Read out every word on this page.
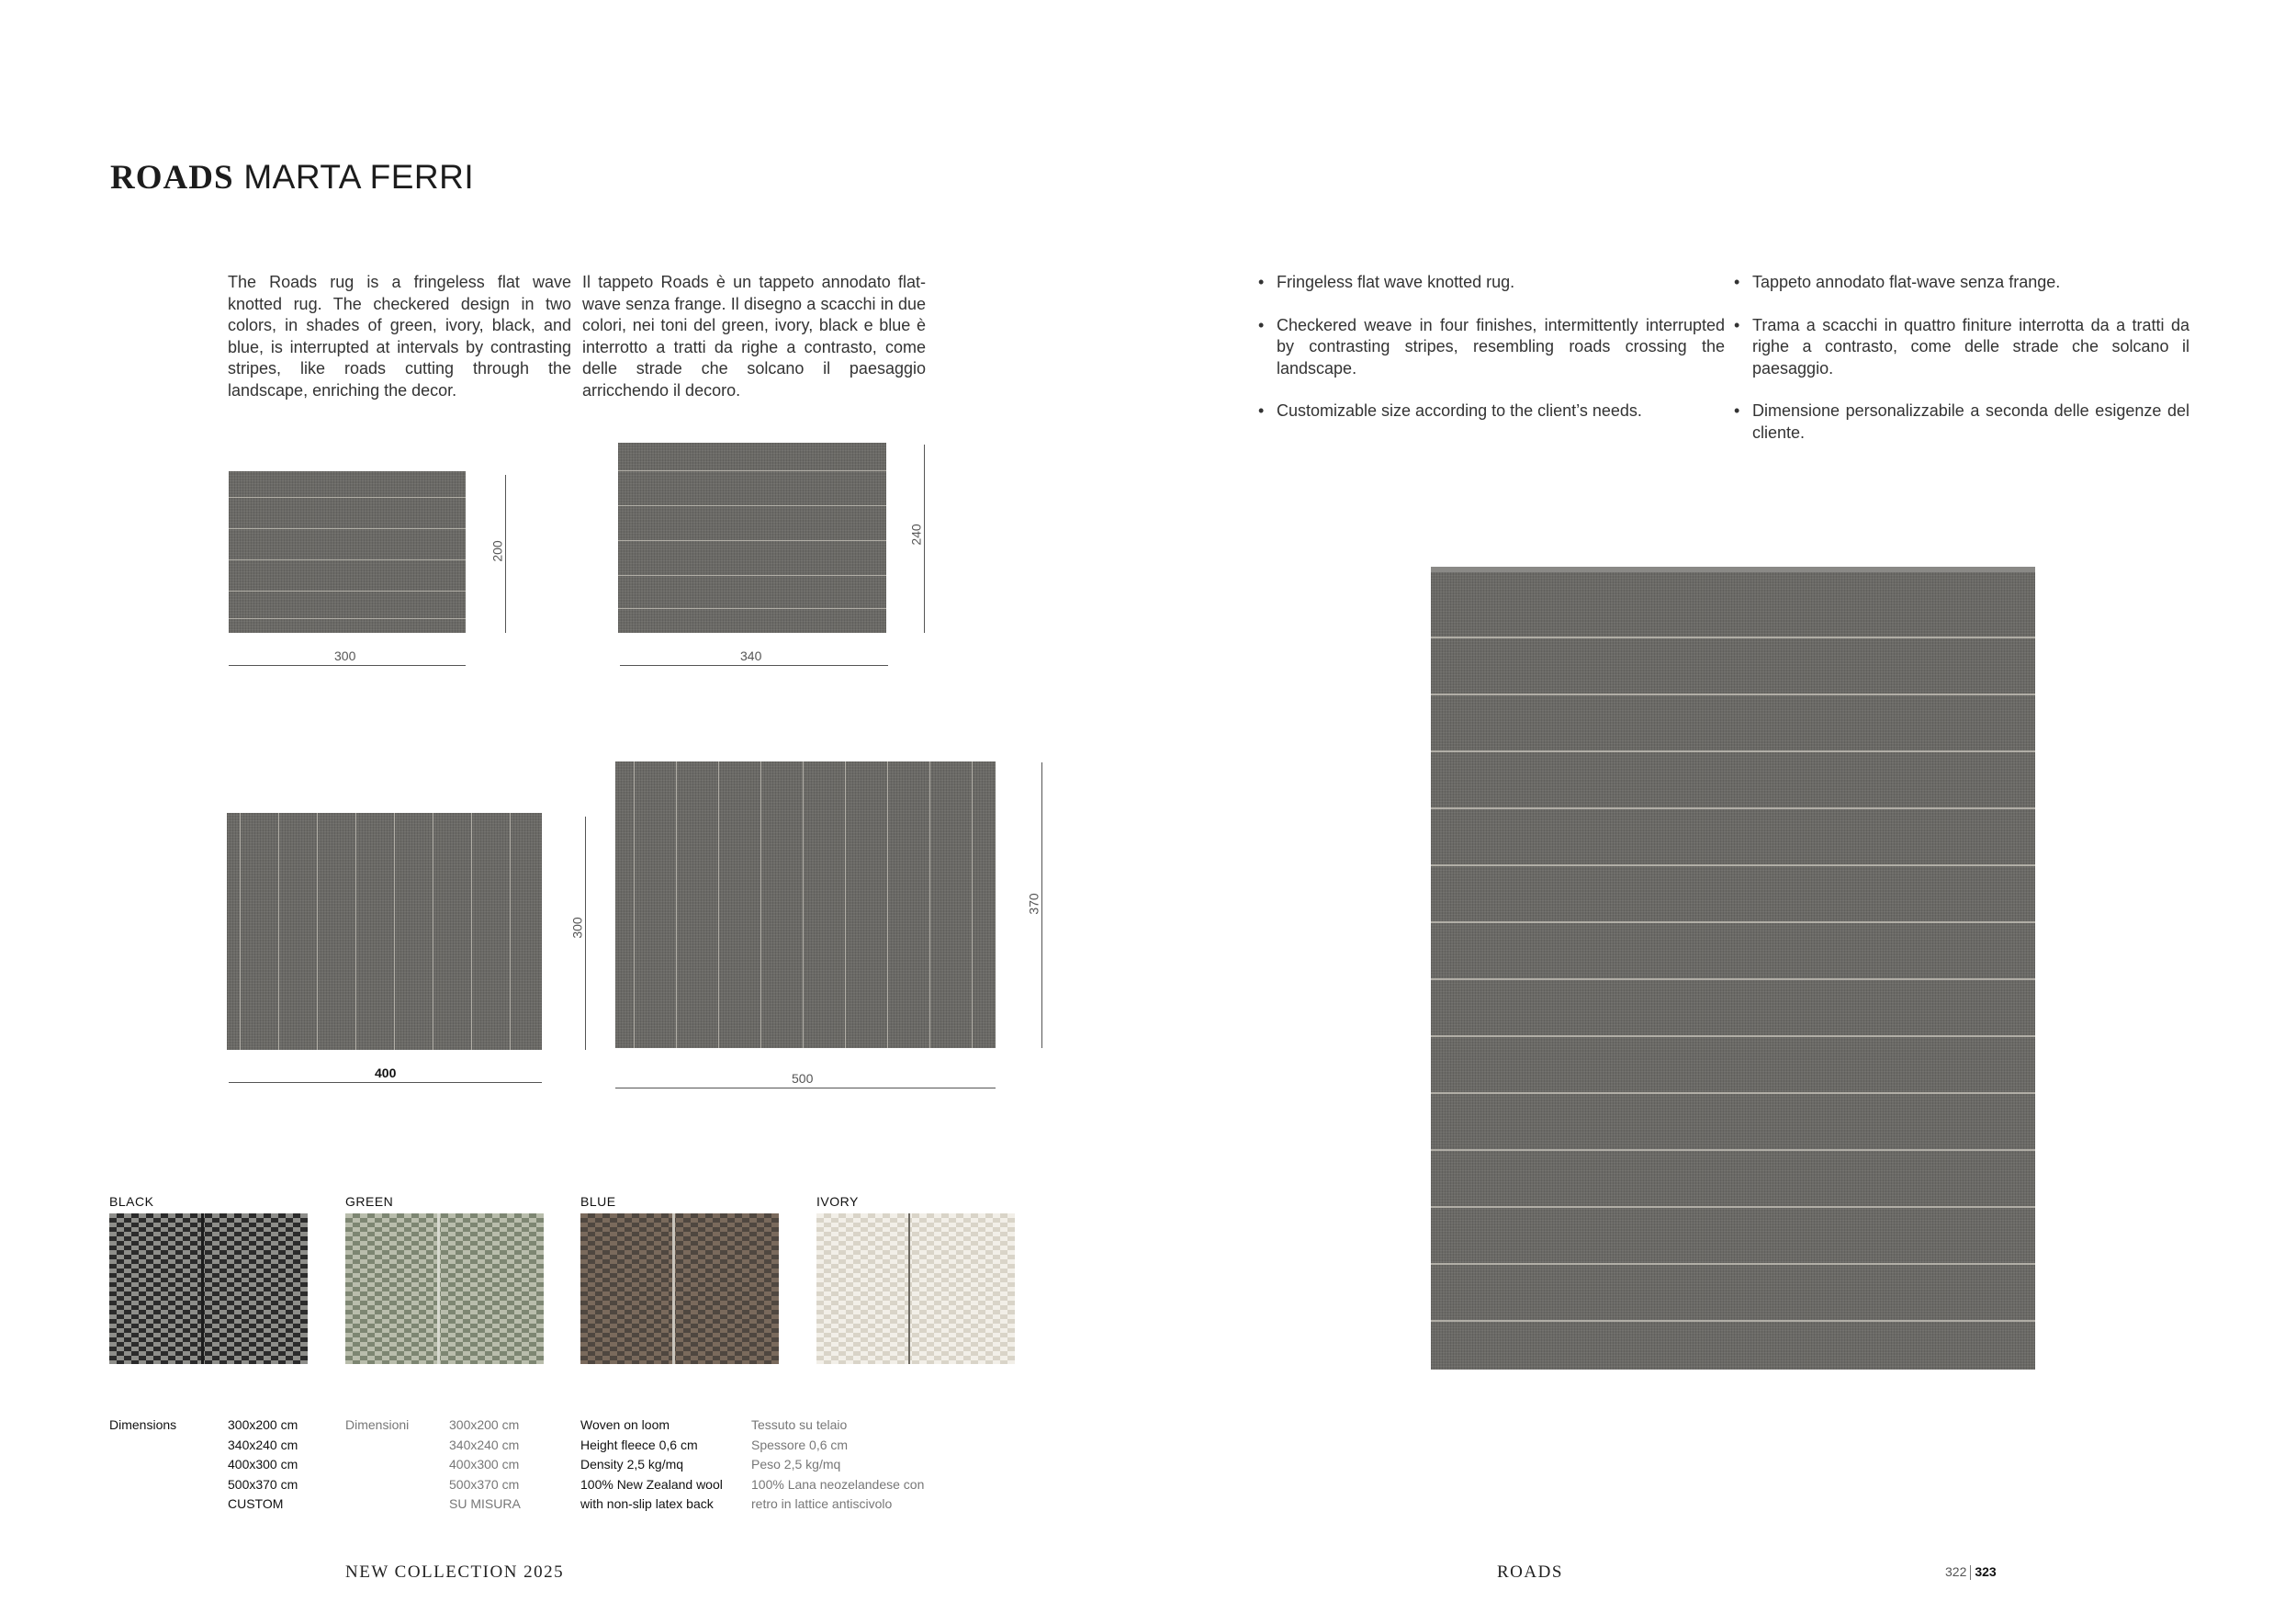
ROADS MARTA FERRI
The Roads rug is a fringeless flat wave knotted rug. The checkered design in two colors, in shades of green, ivory, black, and blue, is interrupted at intervals by contrasting stripes, like roads cutting through the landscape, enriching the decor.
Il tappeto Roads è un tappeto annodato flat-wave senza frange. Il disegno a scacchi in due colori, nei toni del green, ivory, black e blue è interrotto a tratti da righe a contrasto, come delle strade che solcano il paesaggio arricchendo il decoro.
• Fringeless flat wave knotted rug.
• Checkered weave in four finishes, intermittently interrupted by contrasting stripes, resembling roads crossing the landscape.
• Customizable size according to the client’s needs.
• Tappeto annodato flat-wave senza frange.
• Trama a scacchi in quattro finiture interrotta da a tratti da righe a contrasto, come delle strade che solcano il paesaggio.
• Dimensione personalizzabile a seconda delle esigenze del cliente.
300
200
340
240
400
300
500
370
BLACK	GREEN	BLUE	IVORY
Dimensions	300x200 cm
340x240 cm
400x300 cm
500x370 cm
CUSTOM
Dimensioni	300x200 cm
340x240 cm
400x300 cm
500x370 cm
SU MISURA
Woven on loom
Height fleece 0,6 cm
Density 2,5 kg/mq
100% New Zealand wool
with non-slip latex back
Tessuto su telaio
Spessore 0,6 cm
Peso 2,5 kg/mq
100% Lana neozelandese con
retro in lattice antiscivolo
NEW COLLECTION 2025	ROADS	322 323
